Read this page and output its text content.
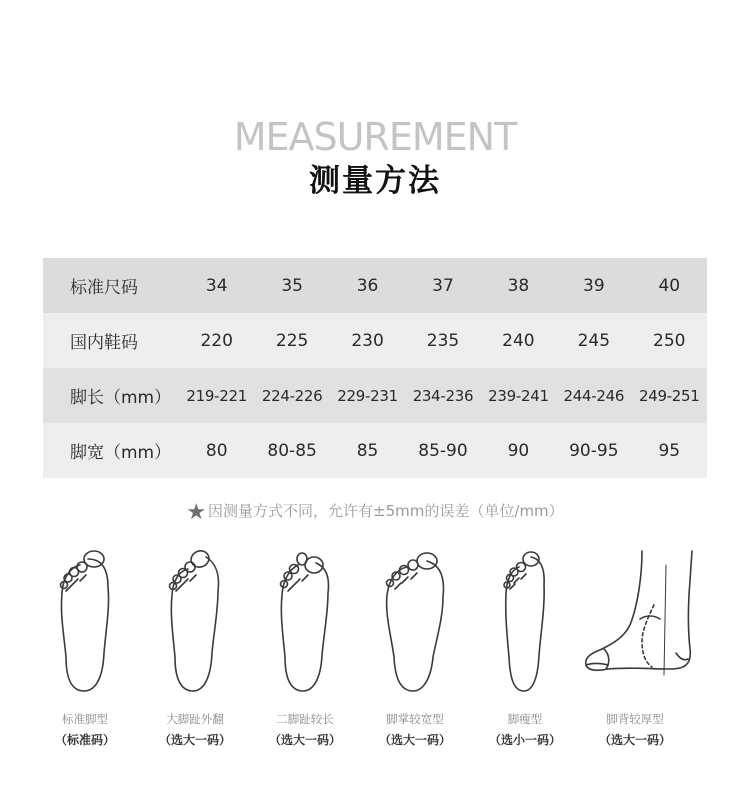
MEASUREMENT
测量方法
标准尺码	34	35	36	37	38	39	40
国内鞋码	220	225	230	235	240	245	250
脚长（mm）	219-221	224-226	229-231	234-236	239-241	244-246	249-251
脚宽（mm）	80	80-85	85	85-90	90	90-95	95
★ 因测量方式不同，允许有±5mm的误差（单位/mm）
标准脚型
（标准码）
大脚趾外翻
（选大一码）
二脚趾较长
（选大一码）
脚掌较宽型
（选大一码）
脚瘦型
（选小一码）
脚背较厚型
（选大一码）
